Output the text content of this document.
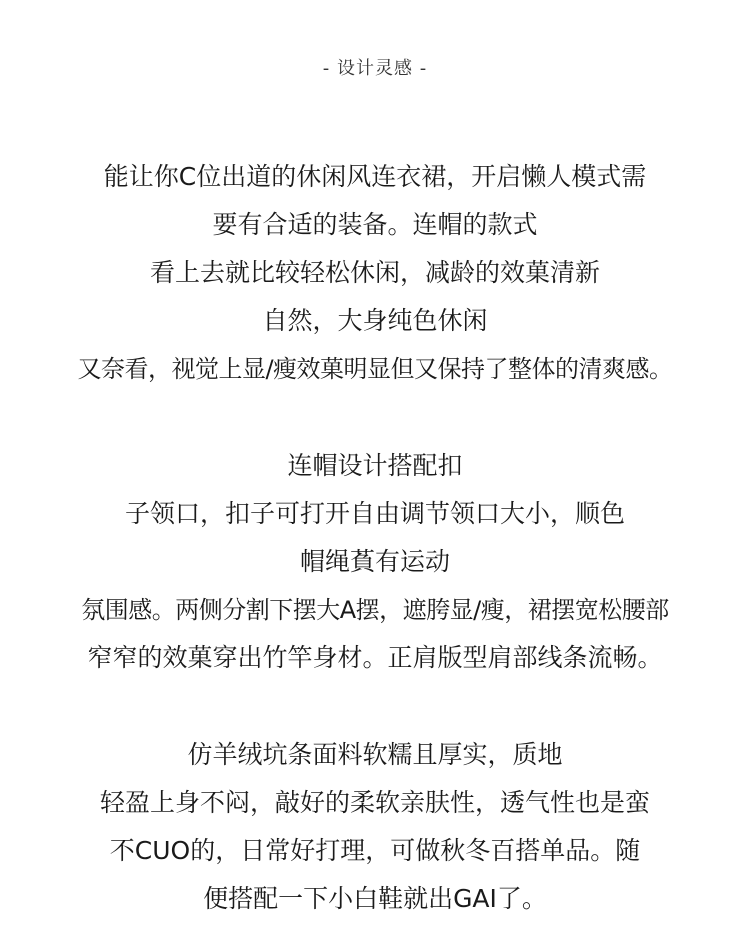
- 设计灵感 -
能让你C位出道的休闲风连衣裙，开启懒人模式需
要有合适的装备。连帽的款式
看上去就比较轻松休闲，减龄的效菓清新
自然，大身纯色休闲
又奈看，视觉上显/瘦效菓明显但又保持了整体的清爽感。
连帽设计搭配扣
子领口，扣子可打开自由调节领口大小，顺色
帽绳萯有运动
氛围感。两侧分割下摆大A摆，遮胯显/瘦，裙摆宽松腰部
窄窄的效菓穿出竹竿身材。正肩版型肩部线条流畅。
仿羊绒坑条面料软糯且厚实，质地
轻盈上身不闷，敲好的柔软亲肤性，透气性也是蛮
不CUO的，日常好打理，可做秋冬百搭单品。随
便搭配一下小白鞋就出GAI了。
